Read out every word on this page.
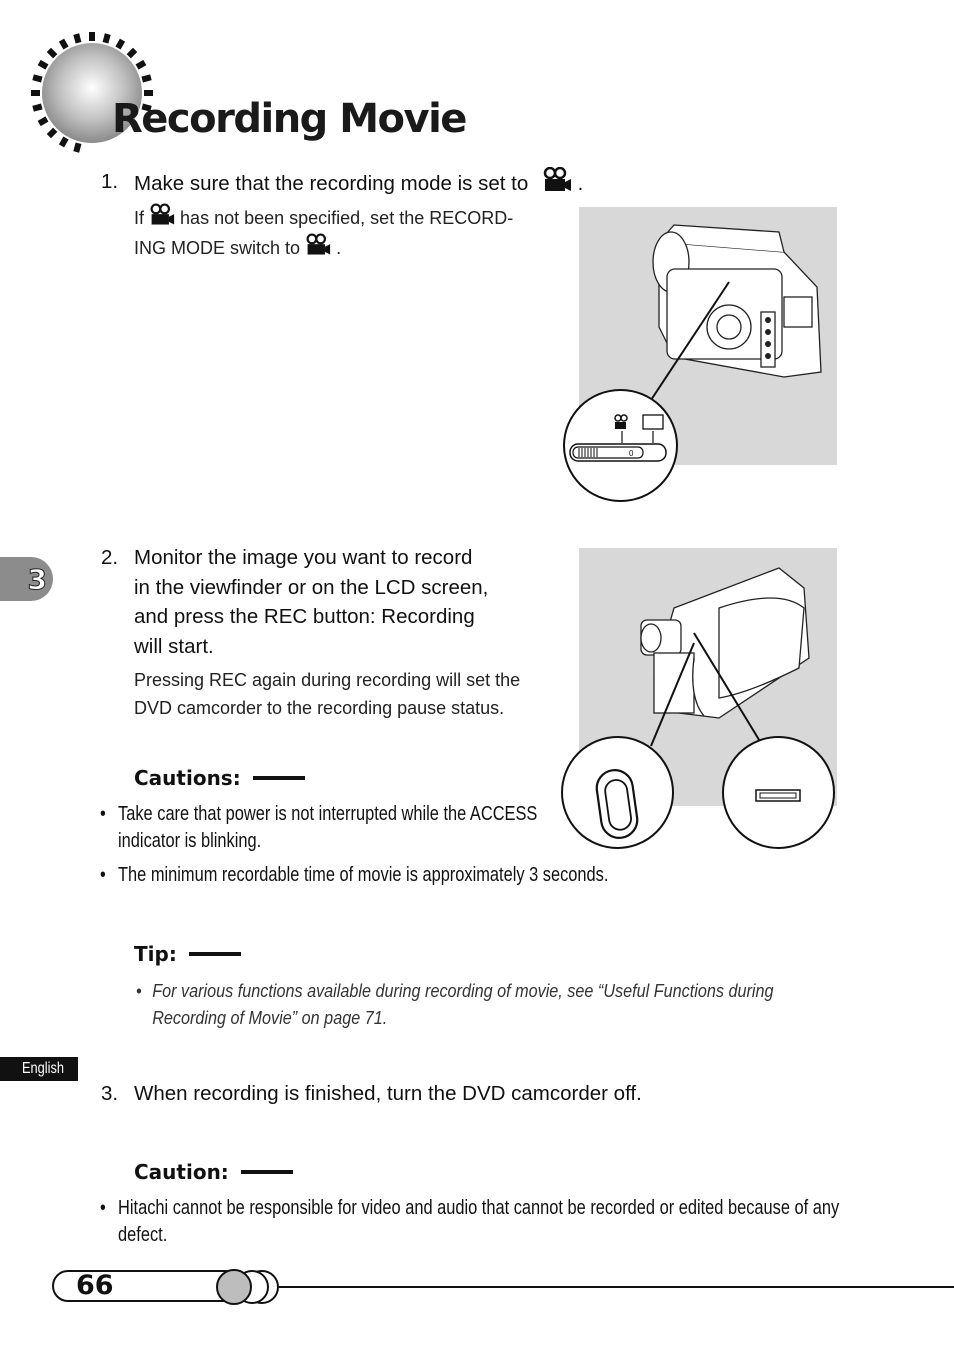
Recording Movie
1. Make sure that the recording mode is set to .
If has not been specified, set the RECORD-
ING MODE switch to .
0
3
2. Monitor the image you want to record
in the viewfinder or on the LCD screen,
and press the REC button: Recording
will start.
Pressing REC again during recording will set the
DVD camcorder to the recording pause status.
Cautions:
• Take care that power is not interrupted while the ACCESS
indicator is blinking.
• The minimum recordable time of movie is approximately 3 seconds.
Tip:
• For various functions available during recording of movie, see “Useful Functions during
Recording of Movie” on page 71.
English
3. When recording is finished, turn the DVD camcorder off.
Caution:
• Hitachi cannot be responsible for video and audio that cannot be recorded or edited because of any
defect.
66
